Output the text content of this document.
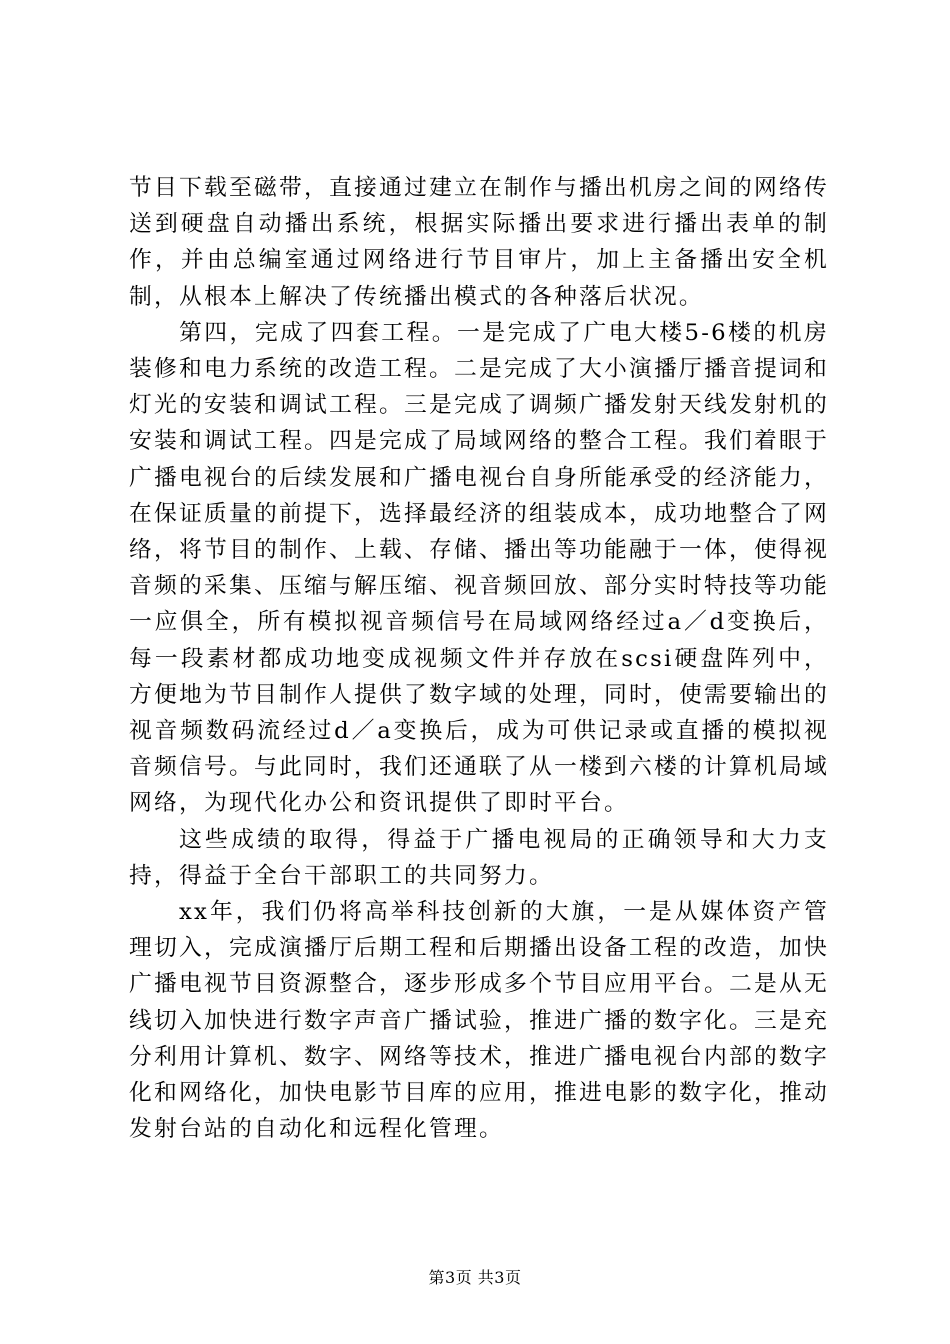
节目下载至磁带，直接通过建立在制作与播出机房之间的网络传送到硬盘自动播出系统，根据实际播出要求进行播出表单的制作，并由总编室通过网络进行节目审片，加上主备播出安全机制，从根本上解决了传统播出模式的各种落后状况。

第四，完成了四套工程。一是完成了广电大楼5-6楼的机房装修和电力系统的改造工程。二是完成了大小演播厅播音提词和灯光的安装和调试工程。三是完成了调频广播发射天线发射机的安装和调试工程。四是完成了局域网络的整合工程。我们着眼于广播电视台的后续发展和广播电视台自身所能承受的经济能力，在保证质量的前提下，选择最经济的组装成本，成功地整合了网络，将节目的制作、上载、存储、播出等功能融于一体，使得视音频的采集、压缩与解压缩、视音频回放、部分实时特技等功能一应俱全，所有模拟视音频信号在局域网络经过a／d变换后，每一段素材都成功地变成视频文件并存放在scsi硬盘阵列中，方便地为节目制作人提供了数字域的处理，同时，使需要输出的视音频数码流经过d／a变换后，成为可供记录或直播的模拟视音频信号。与此同时，我们还通联了从一楼到六楼的计算机局域网络，为现代化办公和资讯提供了即时平台。

这些成绩的取得，得益于广播电视局的正确领导和大力支持，得益于全台干部职工的共同努力。

xx年，我们仍将高举科技创新的大旗，一是从媒体资产管理切入，完成演播厅后期工程和后期播出设备工程的改造，加快广播电视节目资源整合，逐步形成多个节目应用平台。二是从无线切入加快进行数字声音广播试验，推进广播的数字化。三是充分利用计算机、数字、网络等技术，推进广播电视台内部的数字化和网络化，加快电影节目库的应用，推进电影的数字化，推动发射台站的自动化和远程化管理。

第3页 共3页
